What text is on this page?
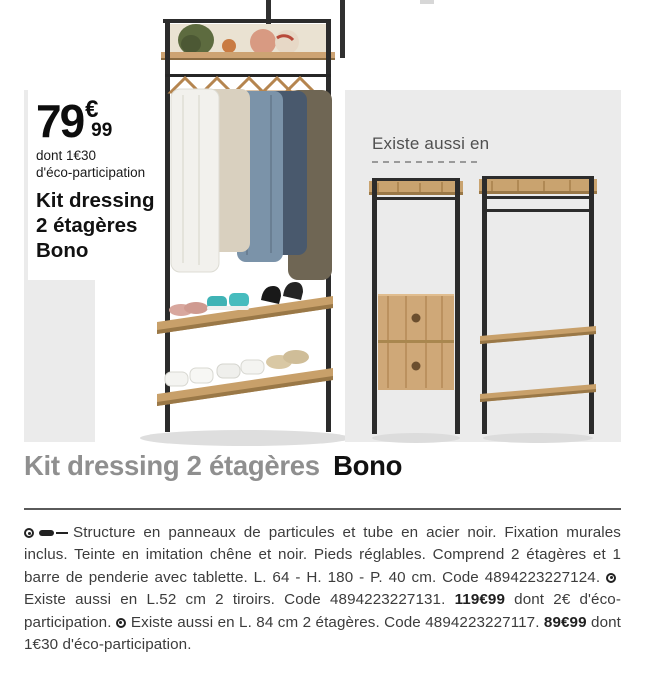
79 €
99
dont 1€30
d'éco-participation
Kit dressing
2 étagères
Bono
Existe aussi en
Kit dressing 2 étagères Bono

Structure en panneaux de particules et tube en acier noir. Fixation murales inclus. Teinte en imitation chêne et noir. Pieds réglables. Comprend 2 étagères et 1 barre de penderie avec tablette. L. 64 - H. 180 - P. 40 cm. Code 4894223227124. Existe aussi en L.52 cm 2 tiroirs. Code 4894223227131. 119€99 dont 2€ d'éco-participation. Existe aussi en L. 84 cm 2 étagères. Code 4894223227117. 89€99 dont 1€30 d'éco-participation.
